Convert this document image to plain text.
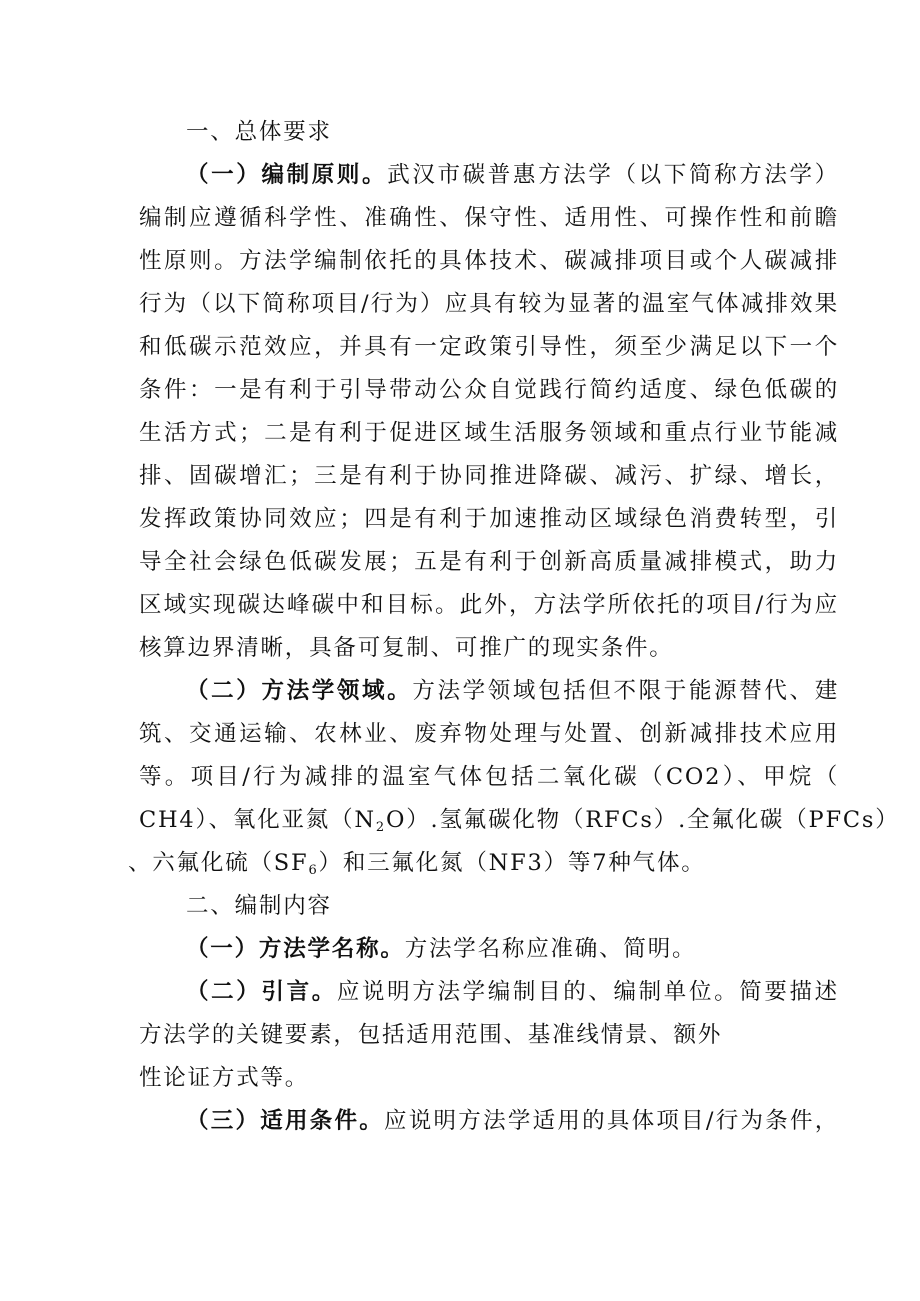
一、总体要求
（一）编制原则。武汉市碳普惠方法学（以下简称方法学）
编制应遵循科学性、准确性、保守性、适用性、可操作性和前瞻
性原则。方法学编制依托的具体技术、碳减排项目或个人碳减排
行为（以下简称项目/行为）应具有较为显著的温室气体减排效果
和低碳示范效应，并具有一定政策引导性，须至少满足以下一个
条件：一是有利于引导带动公众自觉践行简约适度、绿色低碳的
生活方式；二是有利于促进区域生活服务领域和重点行业节能减
排、固碳增汇；三是有利于协同推进降碳、减污、扩绿、增长，
发挥政策协同效应；四是有利于加速推动区域绿色消费转型，引
导全社会绿色低碳发展；五是有利于创新高质量减排模式，助力
区域实现碳达峰碳中和目标。此外，方法学所依托的项目/行为应
核算边界清晰，具备可复制、可推广的现实条件。
（二）方法学领域。方法学领域包括但不限于能源替代、建
筑、交通运输、农林业、废弃物处理与处置、创新减排技术应用
等。项目/行为减排的温室气体包括二氧化碳（CO2）、甲烷（
CH4）、氧化亚氮$(N_2O)$.氢氟碳化物（RFCs）.全氟化碳（PFCs）
、六氟化硫$(SF_6)$和三氟化氮（NF3）等7种气体。
二、编制内容
（一）方法学名称。方法学名称应准确、简明。
（二）引言。应说明方法学编制目的、编制单位。简要描述
方法学的关键要素，包括适用范围、基准线情景、额外
性论证方式等。
（三）适用条件。应说明方法学适用的具体项目/行为条件，
